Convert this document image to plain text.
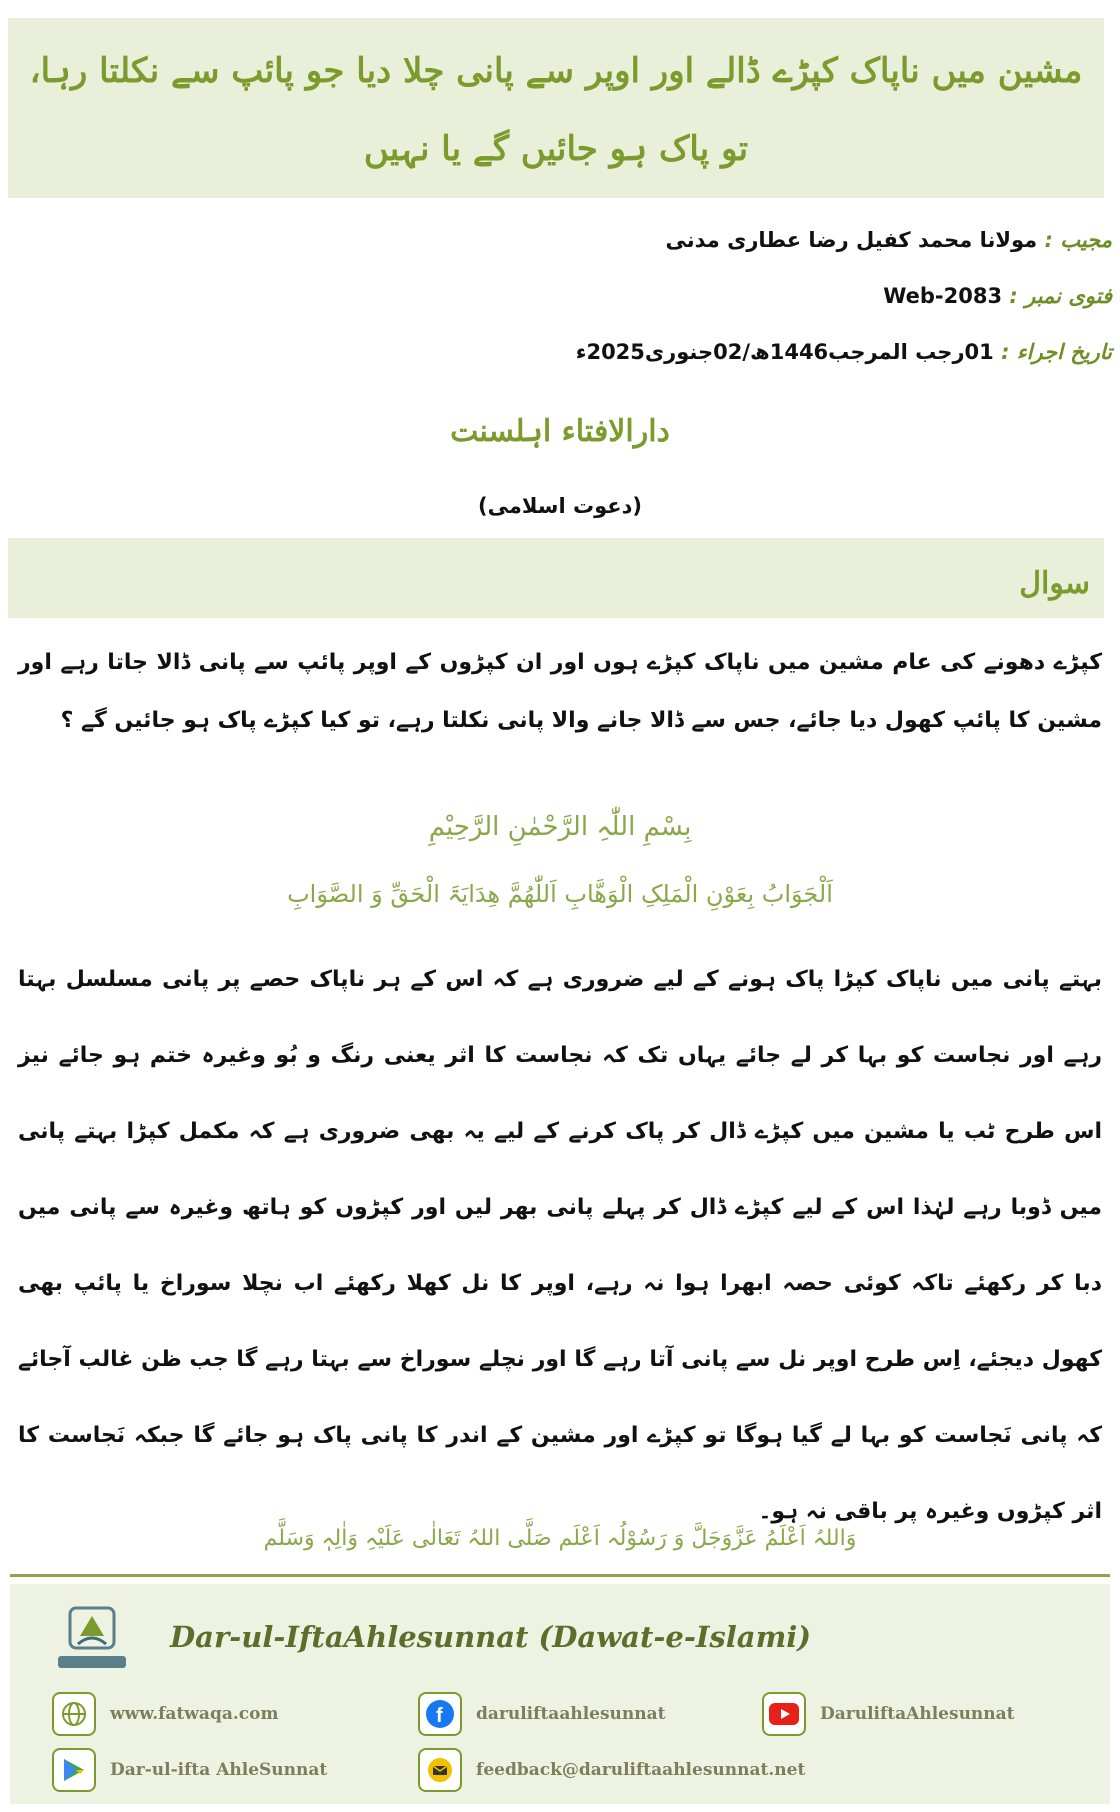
مشین میں ناپاک کپڑے ڈالے اور اوپر سے پانی چلا دیا جو پائپ سے نکلتا رہا، تو پاک ہو جائیں گے یا نہیں
مجیب : مولانا محمد کفیل رضا عطاری مدنی
فتوی نمبر : Web-2083
تاریخ اجراء : 01رجب المرجب1446ھ/02جنوری2025ء
دارالافتاء اہلسنت
(دعوت اسلامی)
سوال

کپڑے دھونے کی عام مشین میں ناپاک کپڑے ہوں اور ان کپڑوں کے اوپر پائپ سے پانی ڈالا جاتا رہے اور مشین کا پائپ کھول دیا جائے، جس سے ڈالا جانے والا پانی نکلتا رہے، تو کیا کپڑے پاک ہو جائیں گے ؟

بِسْمِ اللّٰہِ الرَّحْمٰنِ الرَّحِیْمِ
اَلْجَوَابُ بِعَوْنِ الْمَلِکِ الْوَھَّابِ اَللّٰھُمَّ ھِدَایَۃَ الْحَقِّ وَ الصَّوَابِ

بہتے پانی میں ناپاک کپڑا پاک ہونے کے لیے ضروری ہے کہ اس کے ہر ناپاک حصے پر پانی مسلسل بہتا رہے اور نجاست کو بہا کر لے جائے یہاں تک کہ نجاست کا اثر یعنی رنگ و بُو وغیرہ ختم ہو جائے نیز اس طرح ٹب یا مشین میں کپڑے ڈال کر پاک کرنے کے لیے یہ بھی ضروری ہے کہ مکمل کپڑا بہتے پانی میں ڈوبا رہے لہٰذا اس کے لیے کپڑے ڈال کر پہلے پانی بھر لیں اور کپڑوں کو ہاتھ وغیرہ سے پانی میں دبا کر رکھئے تاکہ کوئی حصہ ابھرا ہوا نہ رہے، اوپر کا نل کھلا رکھئے اب نچلا سوراخ یا پائپ بھی کھول دیجئے، اِس طرح اوپر نل سے پانی آتا رہے گا اور نچلے سوراخ سے بہتا رہے گا جب ظن غالب آجائے کہ پانی نَجاست کو بہا لے گیا ہوگا تو کپڑے اور مشین کے اندر کا پانی پاک ہو جائے گا جبکہ نَجاست کا اثر کپڑوں وغیرہ پر باقی نہ ہو۔

وَاللہُ اَعْلَمُ عَزَّوَجَلَّ وَ رَسُوْلُہ اَعْلَم صَلَّی اللہُ تَعَالٰی عَلَیْہِ وَاٰلِہٖ وَسَلَّم
Dar-ul-IftaAhlesunnat (Dawat-e-Islami)
www.fatwaqa.com	f daruliftaahlesunnat	DaruliftaAhlesunnat
Dar-ul-ifta AhleSunnat	feedback@daruliftaahlesunnat.net
